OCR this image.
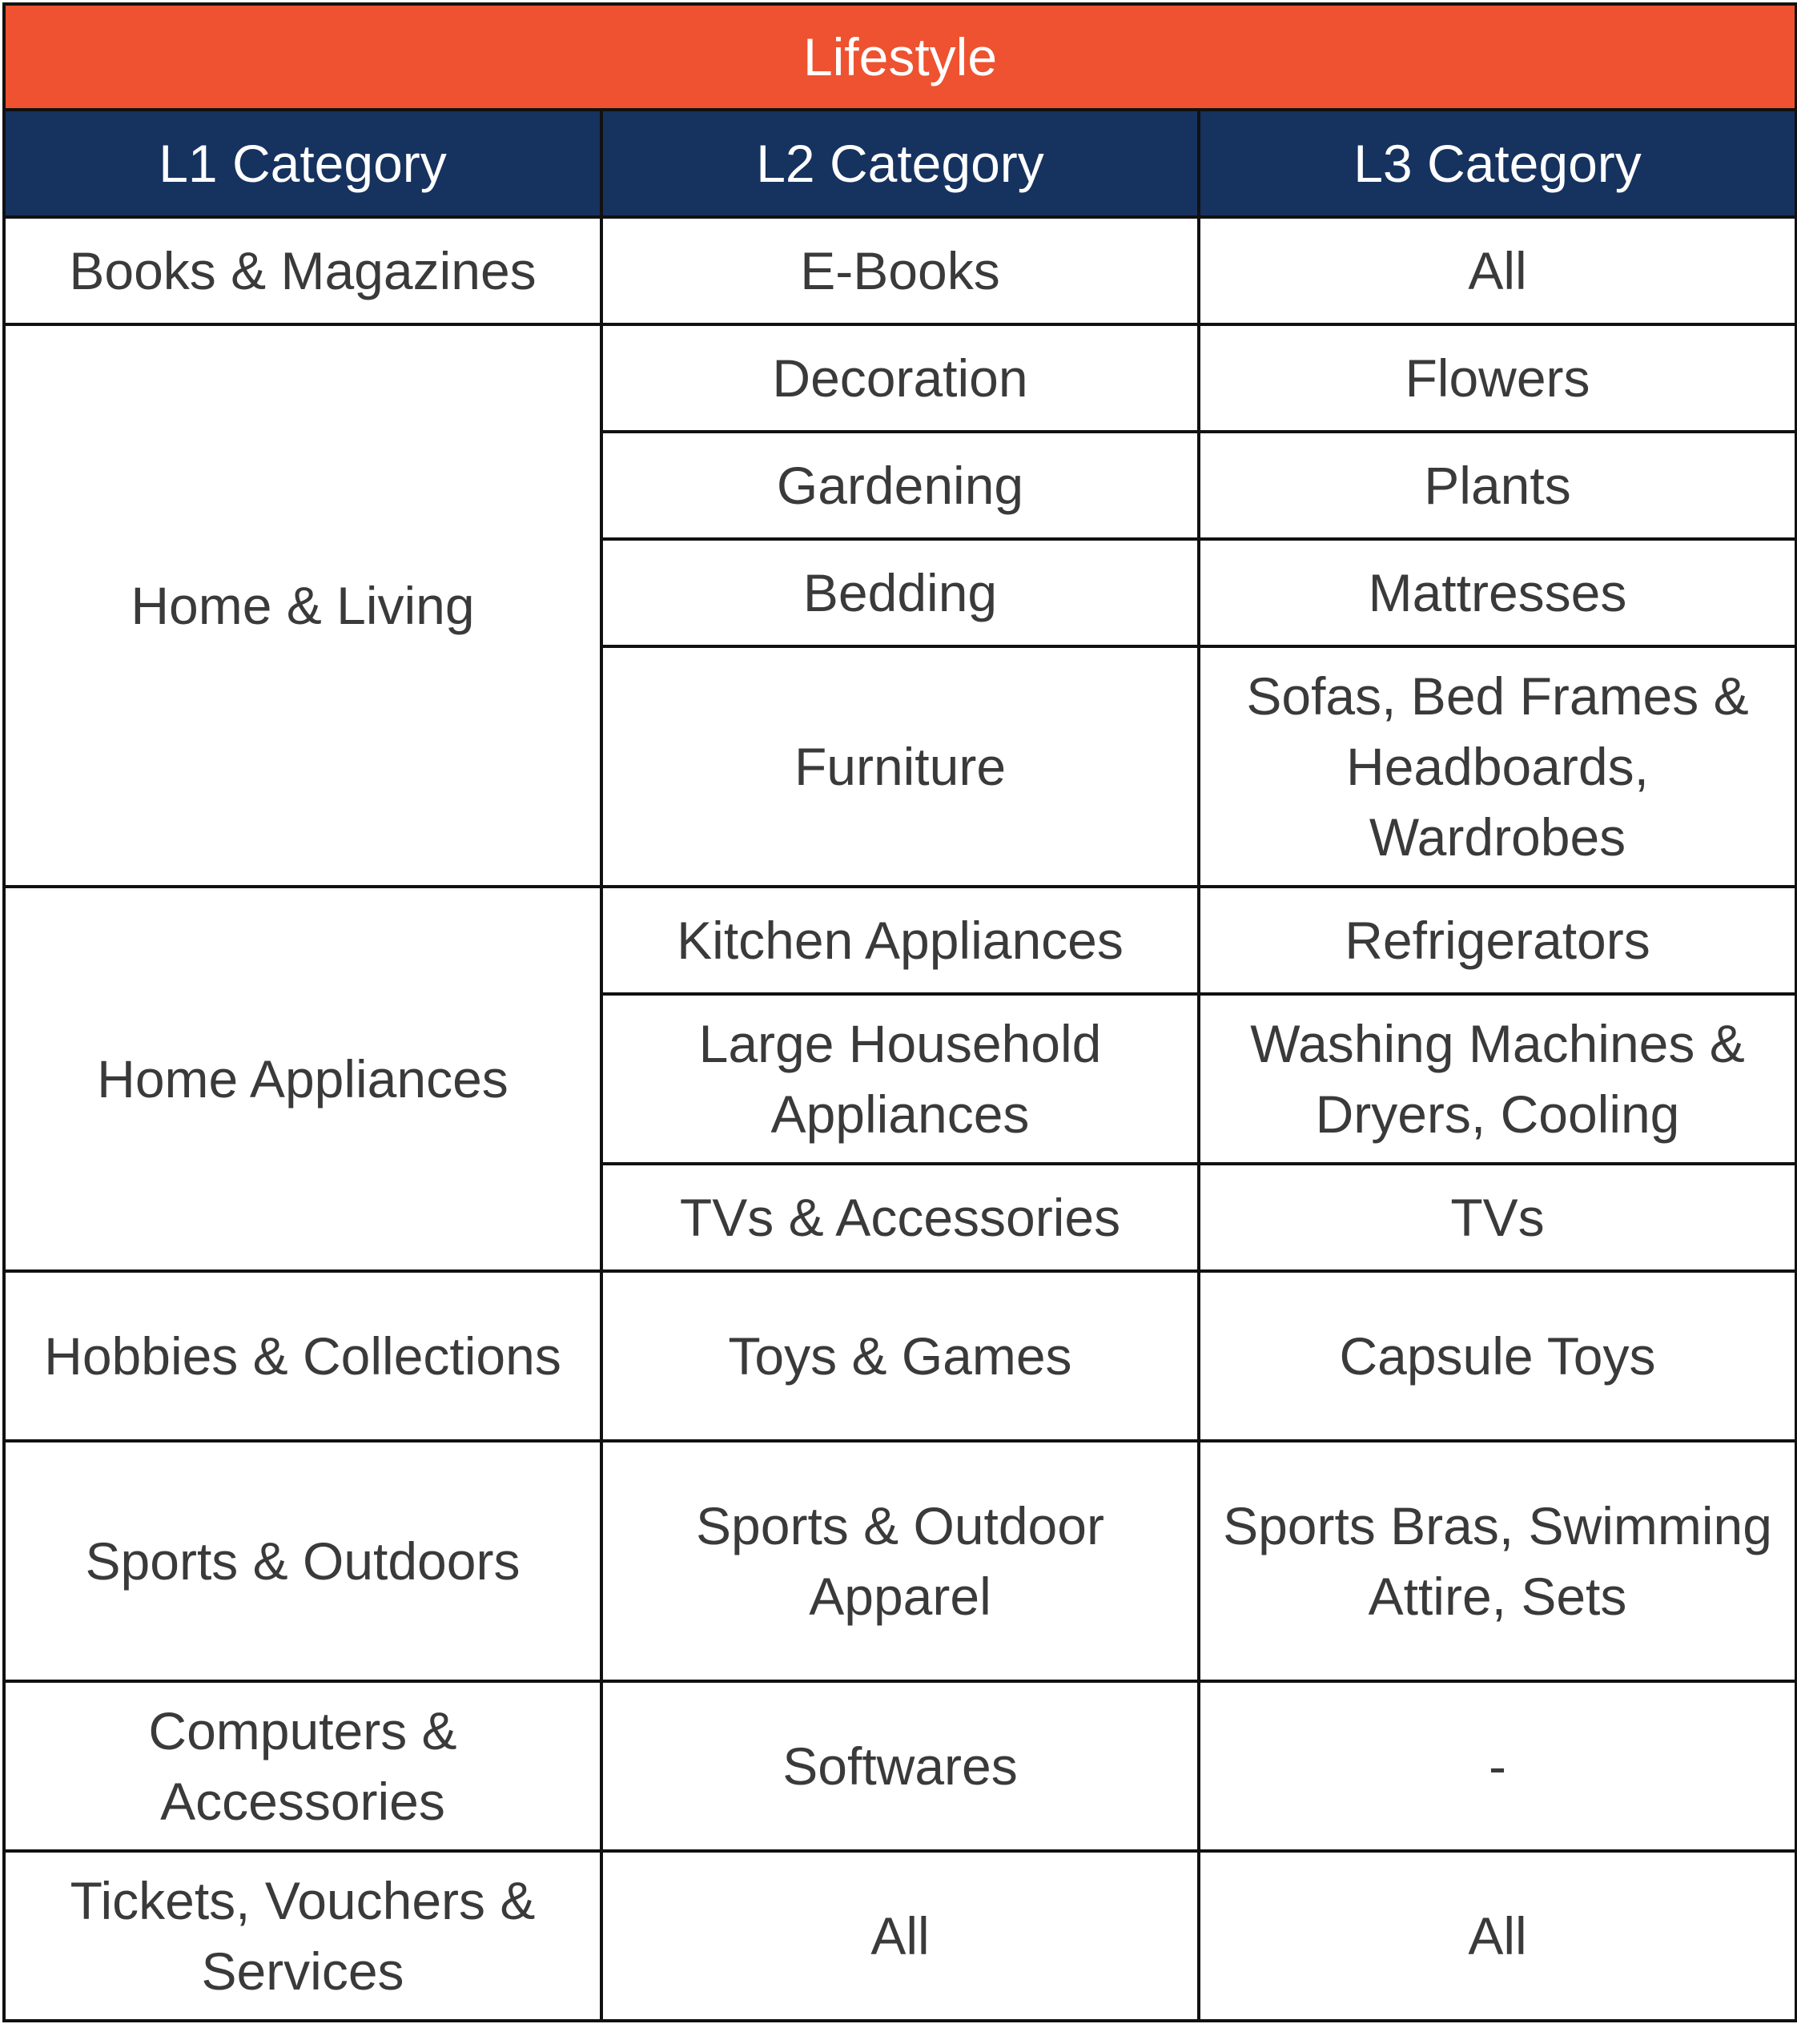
Lifestyle		
L1 Category	L2 Category	L3 Category
Books & Magazines	E-Books	All
Home & Living	Decoration	Flowers
	Gardening	Plants
	Bedding	Mattresses
	Furniture	Sofas, Bed Frames & Headboards, Wardrobes
Home Appliances	Kitchen Appliances	Refrigerators
	Large Household Appliances	Washing Machines & Dryers, Cooling
	TVs & Accessories	TVs
Hobbies & Collections	Toys & Games	Capsule Toys
Sports & Outdoors	Sports & Outdoor Apparel	Sports Bras, Swimming Attire, Sets
Computers & Accessories	Softwares	-
Tickets, Vouchers & Services	All	All
